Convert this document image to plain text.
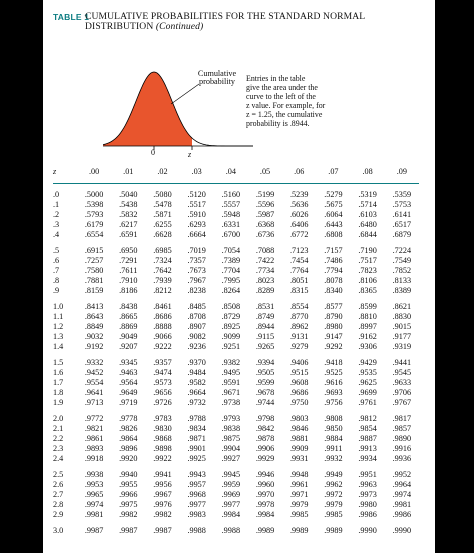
TABLE 1
CUMULATIVE PROBABILITIES FOR THE STANDARD NORMAL
DISTRIBUTION (Continued)
Cumulative
probability	Entries in the table
give the area under the
curve to the left of the
z value. For example, for
z = 1.25, the cumulative
probability is .8944.
0	z
z	.00	.01	.02	.03	.04	.05	.06	.07	.08	.09

.0	.5000	.5040	.5080	.5120	.5160	.5199	.5239	.5279	.5319	.5359
.1	.5398	.5438	.5478	.5517	.5557	.5596	.5636	.5675	.5714	.5753
.2	.5793	.5832	.5871	.5910	.5948	.5987	.6026	.6064	.6103	.6141
.3	.6179	.6217	.6255	.6293	.6331	.6368	.6406	.6443	.6480	.6517
.4	.6554	.6591	.6628	.6664	.6700	.6736	.6772	.6808	.6844	.6879

.5	.6915	.6950	.6985	.7019	.7054	.7088	.7123	.7157	.7190	.7224
.6	.7257	.7291	.7324	.7357	.7389	.7422	.7454	.7486	.7517	.7549
.7	.7580	.7611	.7642	.7673	.7704	.7734	.7764	.7794	.7823	.7852
.8	.7881	.7910	.7939	.7967	.7995	.8023	.8051	.8078	.8106	.8133
.9	.8159	.8186	.8212	.8238	.8264	.8289	.8315	.8340	.8365	.8389

1.0	.8413	.8438	.8461	.8485	.8508	.8531	.8554	.8577	.8599	.8621
1.1	.8643	.8665	.8686	.8708	.8729	.8749	.8770	.8790	.8810	.8830
1.2	.8849	.8869	.8888	.8907	.8925	.8944	.8962	.8980	.8997	.9015
1.3	.9032	.9049	.9066	.9082	.9099	.9115	.9131	.9147	.9162	.9177
1.4	.9192	.9207	.9222	.9236	.9251	.9265	.9279	.9292	.9306	.9319

1.5	.9332	.9345	.9357	.9370	.9382	.9394	.9406	.9418	.9429	.9441
1.6	.9452	.9463	.9474	.9484	.9495	.9505	.9515	.9525	.9535	.9545
1.7	.9554	.9564	.9573	.9582	.9591	.9599	.9608	.9616	.9625	.9633
1.8	.9641	.9649	.9656	.9664	.9671	.9678	.9686	.9693	.9699	.9706
1.9	.9713	.9719	.9726	.9732	.9738	.9744	.9750	.9756	.9761	.9767

2.0	.9772	.9778	.9783	.9788	.9793	.9798	.9803	.9808	.9812	.9817
2.1	.9821	.9826	.9830	.9834	.9838	.9842	.9846	.9850	.9854	.9857
2.2	.9861	.9864	.9868	.9871	.9875	.9878	.9881	.9884	.9887	.9890
2.3	.9893	.9896	.9898	.9901	.9904	.9906	.9909	.9911	.9913	.9916
2.4	.9918	.9920	.9922	.9925	.9927	.9929	.9931	.9932	.9934	.9936

2.5	.9938	.9940	.9941	.9943	.9945	.9946	.9948	.9949	.9951	.9952
2.6	.9953	.9955	.9956	.9957	.9959	.9960	.9961	.9962	.9963	.9964
2.7	.9965	.9966	.9967	.9968	.9969	.9970	.9971	.9972	.9973	.9974
2.8	.9974	.9975	.9976	.9977	.9977	.9978	.9979	.9979	.9980	.9981
2.9	.9981	.9982	.9982	.9983	.9984	.9984	.9985	.9985	.9986	.9986

3.0	.9987	.9987	.9987	.9988	.9988	.9989	.9989	.9989	.9990	.9990
